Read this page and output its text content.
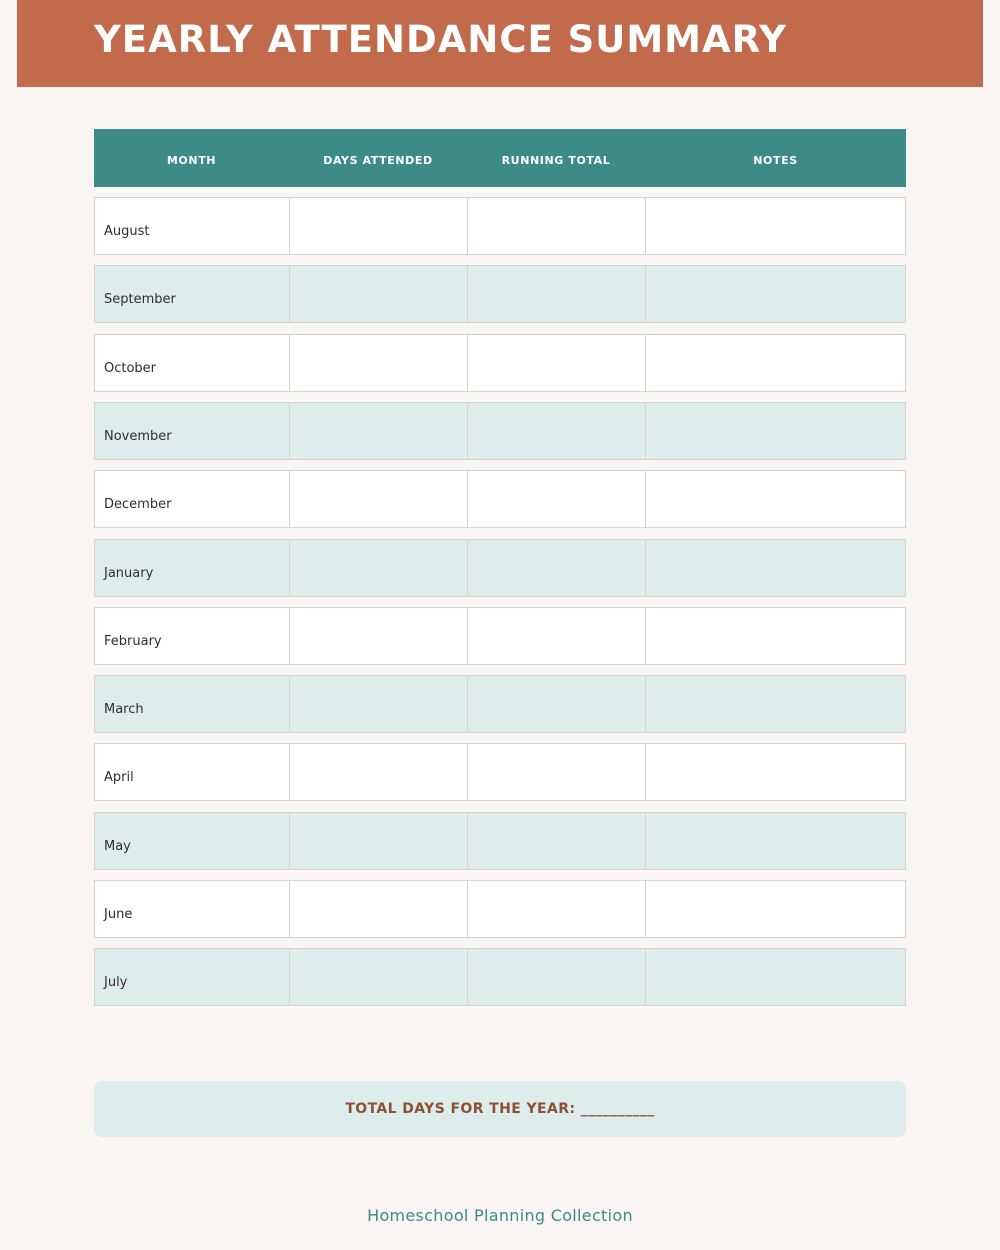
YEARLY ATTENDANCE SUMMARY
MONTH	DAYS ATTENDED	RUNNING TOTAL	NOTES
August
September
October
November
December
January
February
March
April
May
June
July
TOTAL DAYS FOR THE YEAR: __________
Homeschool Planning Collection
